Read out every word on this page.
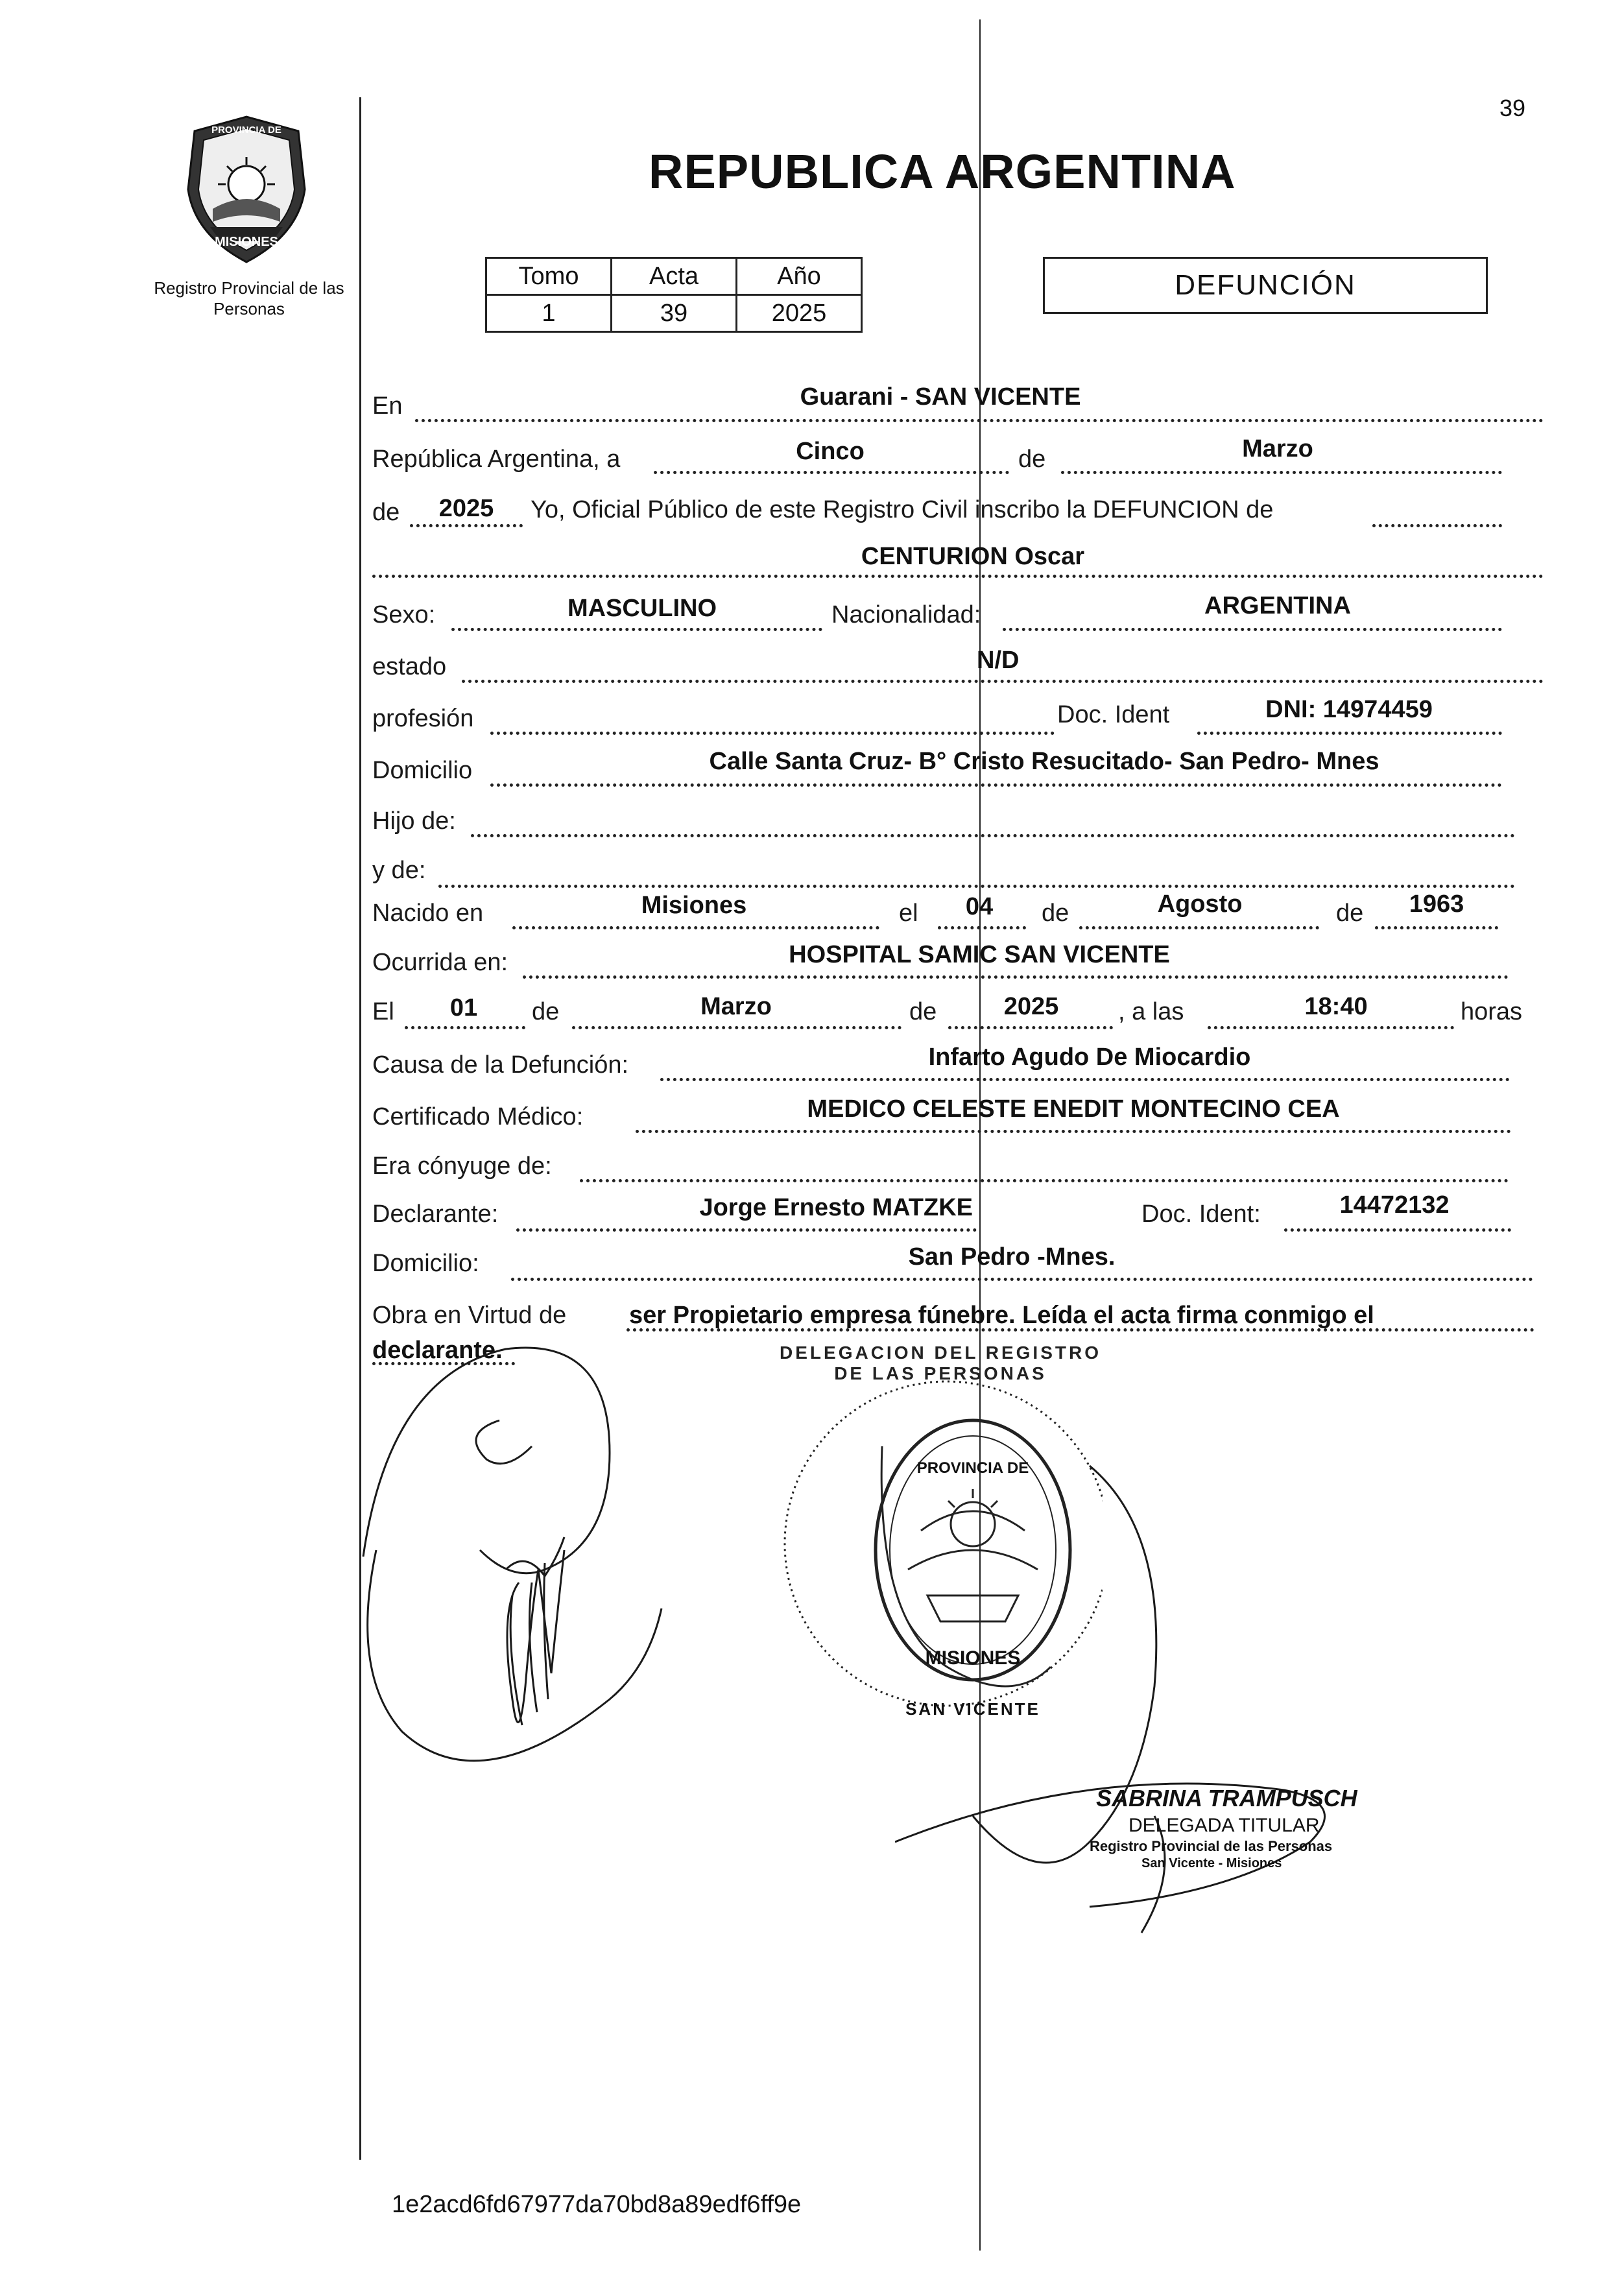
39
PROVINCIA DE
MISIONES
Registro Provincial de las Personas
REPUBLICA ARGENTINA
Tomo	Acta	Año
1	39	2025
DEFUNCIÓN
En	Guarani - SAN VICENTE
República Argentina, a	Cinco	de	Marzo
de	2025	Yo, Oficial Público de este Registro Civil inscribo la DEFUNCION de
CENTURION Oscar
Sexo:	MASCULINO	Nacionalidad:	ARGENTINA
estado	N/D
profesión	Doc. Ident	DNI: 14974459
Domicilio	Calle Santa Cruz- B° Cristo Resucitado- San Pedro- Mnes
Hijo de:
y de:
Nacido en	Misiones	el	04	de	Agosto	de	1963
Ocurrida en:	HOSPITAL SAMIC SAN VICENTE
El	01	de	Marzo	de	2025	, a las	18:40	horas
Causa de la Defunción:	Infarto Agudo De Miocardio
Certificado Médico:	MEDICO CELESTE ENEDIT MONTECINO CEA
Era cónyuge de:
Declarante:	Jorge Ernesto MATZKE	Doc. Ident:	14472132
Domicilio:	San Pedro -Mnes.
Obra en Virtud de	ser Propietario empresa fúnebre. Leída el acta firma conmigo el
declarante.	DELEGACION DEL REGISTRO DE LAS PERSONAS
PROVINCIA DE
MISIONES
SAN VICENTE
SABRINA TRAMPUSCH
DELEGADA TITULAR
Registro Provincial de las Personas
San Vicente - Misiones
1e2acd6fd67977da70bd8a89edf6ff9e
